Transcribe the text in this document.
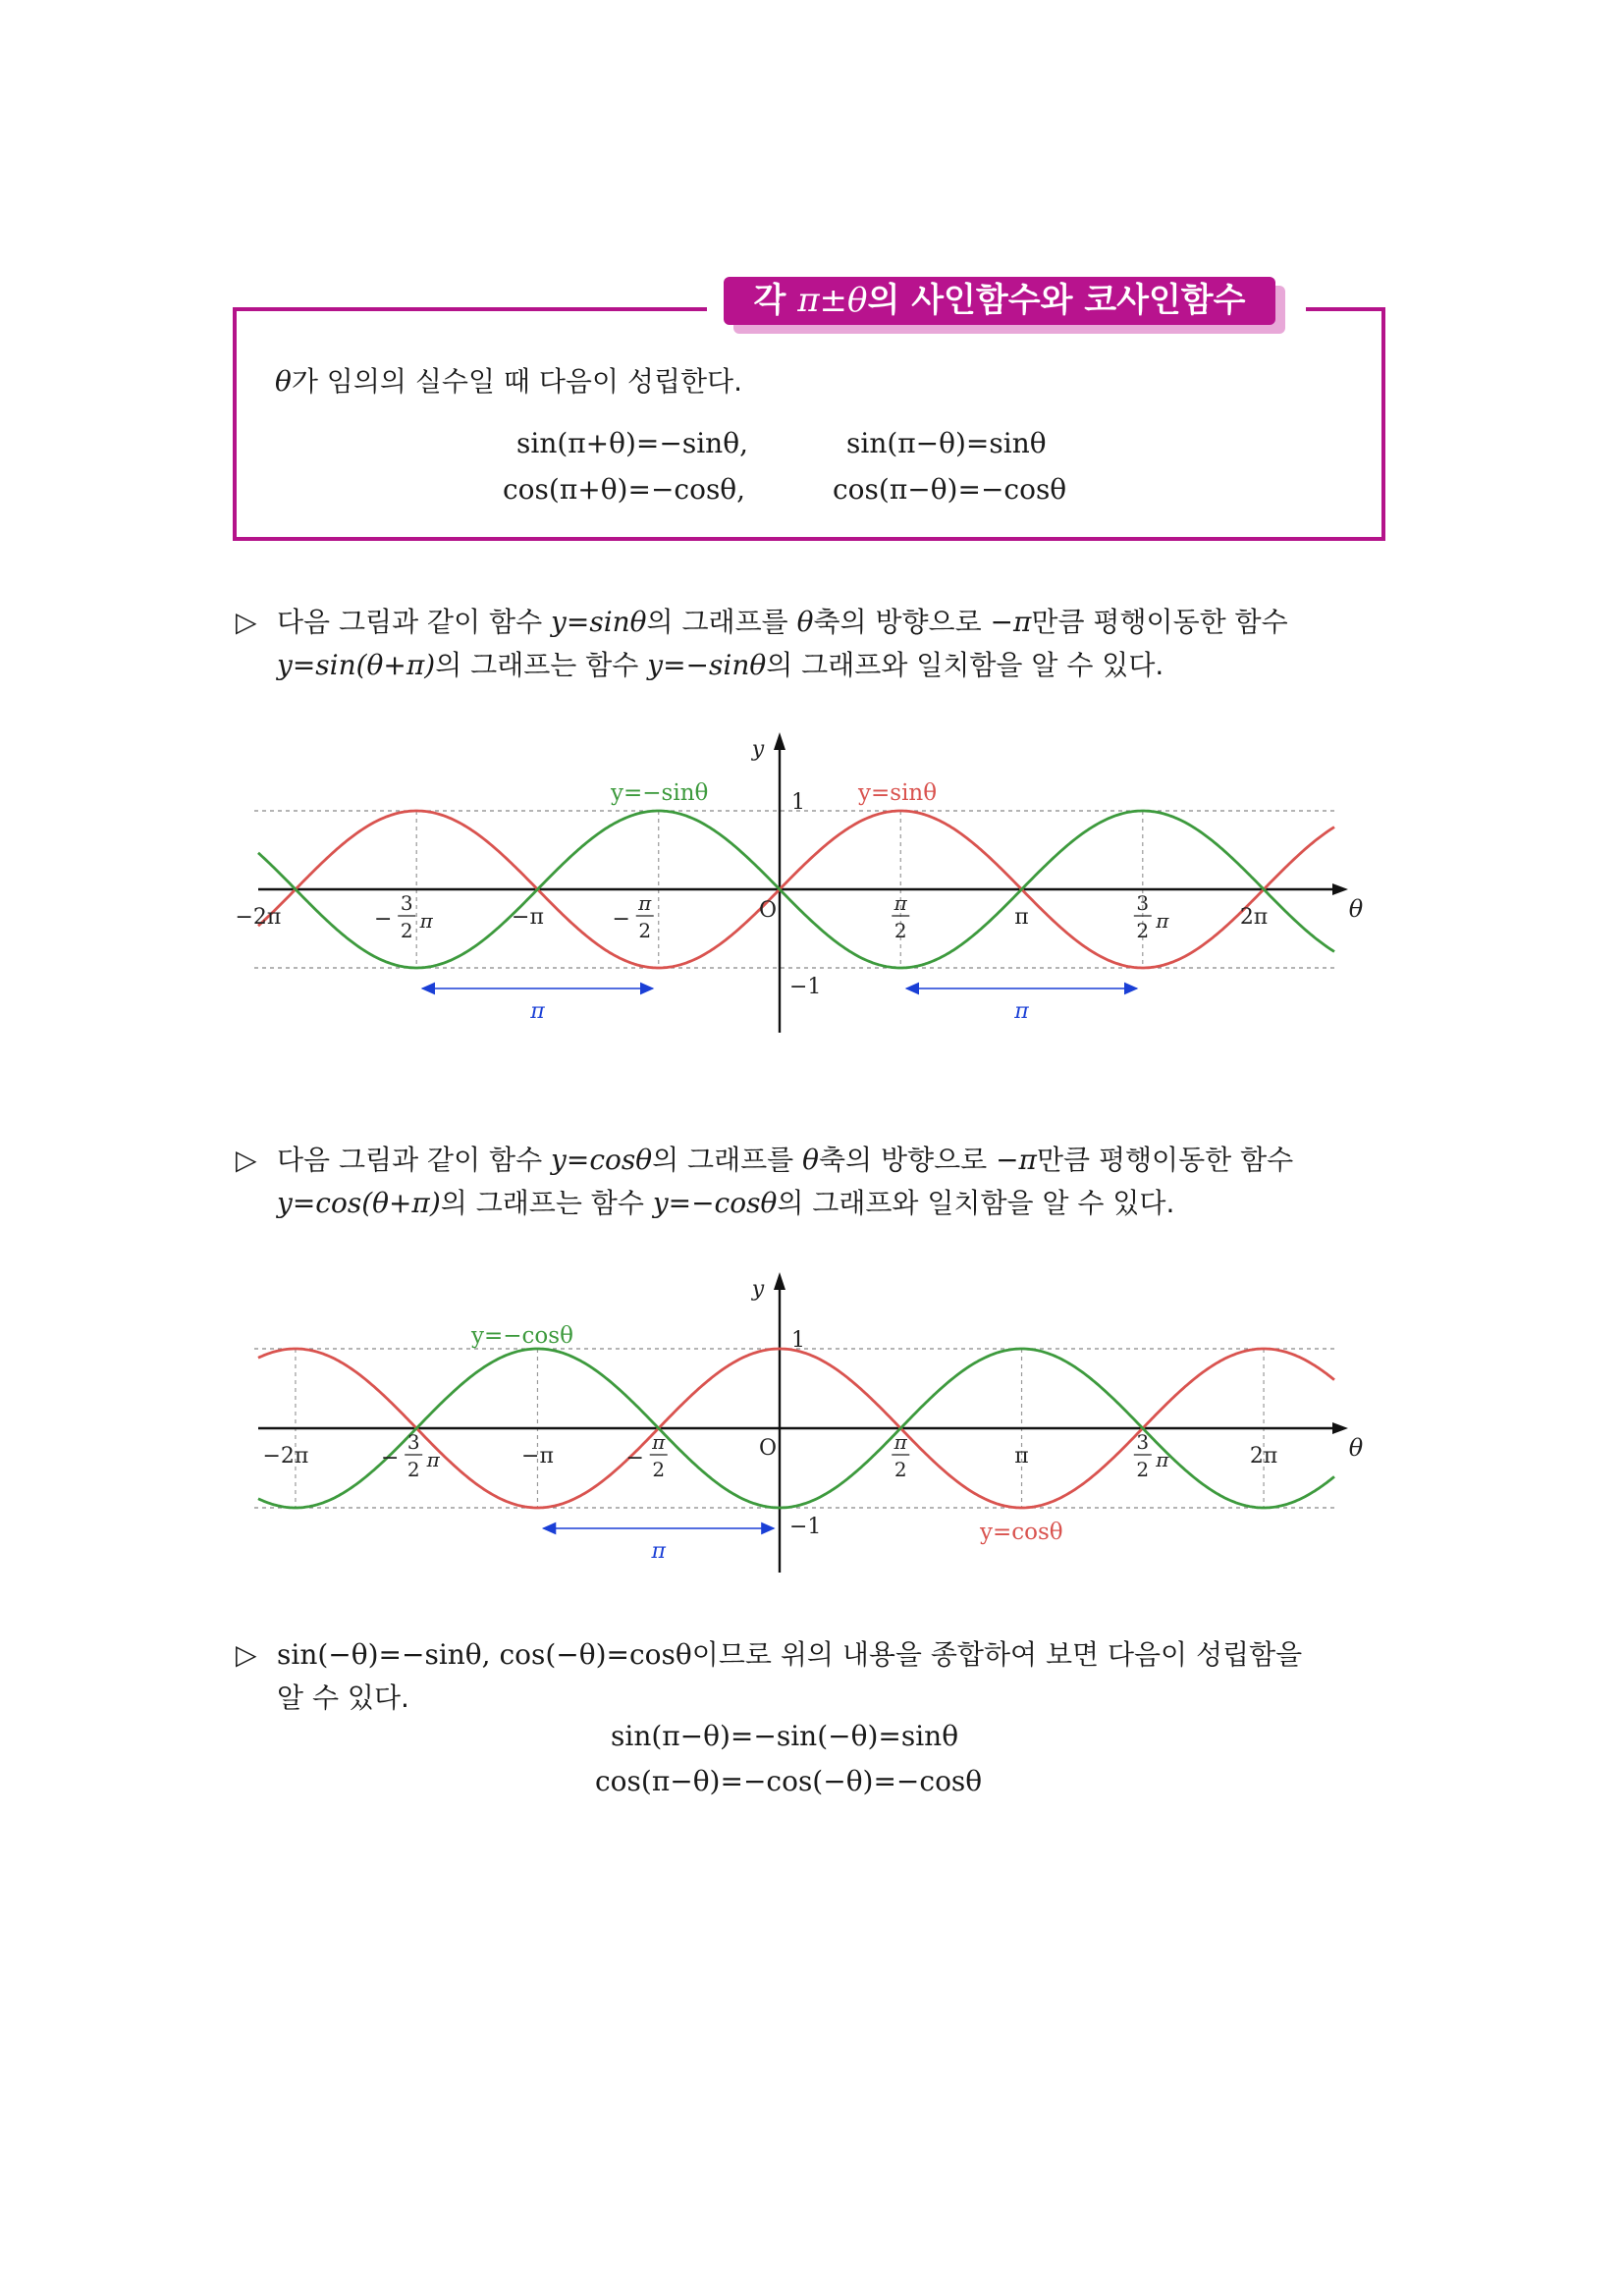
각 π±θ의 사인함수와 코사인함수
θ가 임의의 실수일 때 다음이 성립한다.
sin(π+θ)=−sinθ,	sin(π−θ)=sinθ
cos(π+θ)=−cosθ,	cos(π−θ)=−cosθ
▷ 다음 그림과 같이 함수 y=sinθ의 그래프를 θ축의 방향으로 −π만큼 평행이동한 함수
y=sin(θ+π)의 그래프는 함수 y=−sinθ의 그래프와 일치함을 알 수 있다.
y=sinθ
y=−sinθ
y
θ
O
1
−1
−2π	−
3
2 π	−π	−
π
2
π
2
π
3
2 π	2π
π	π
▷ 다음 그림과 같이 함수 y=cosθ의 그래프를 θ축의 방향으로 −π만큼 평행이동한 함수
y=cos(θ+π)의 그래프는 함수 y=−cosθ의 그래프와 일치함을 알 수 있다.
y=cosθ
y=−cosθ
y
θ
O
1
−1
−2π	−
3
2 π	−π	−
π
2
π
2
π
3
2 π	2π
π
▷ sin(−θ)=−sinθ, cos(−θ)=cosθ이므로 위의 내용을 종합하여 보면 다음이 성립함을
알 수 있다.
sin(π−θ)=−sin(−θ)=sinθ
cos(π−θ)=−cos(−θ)=−cosθ
